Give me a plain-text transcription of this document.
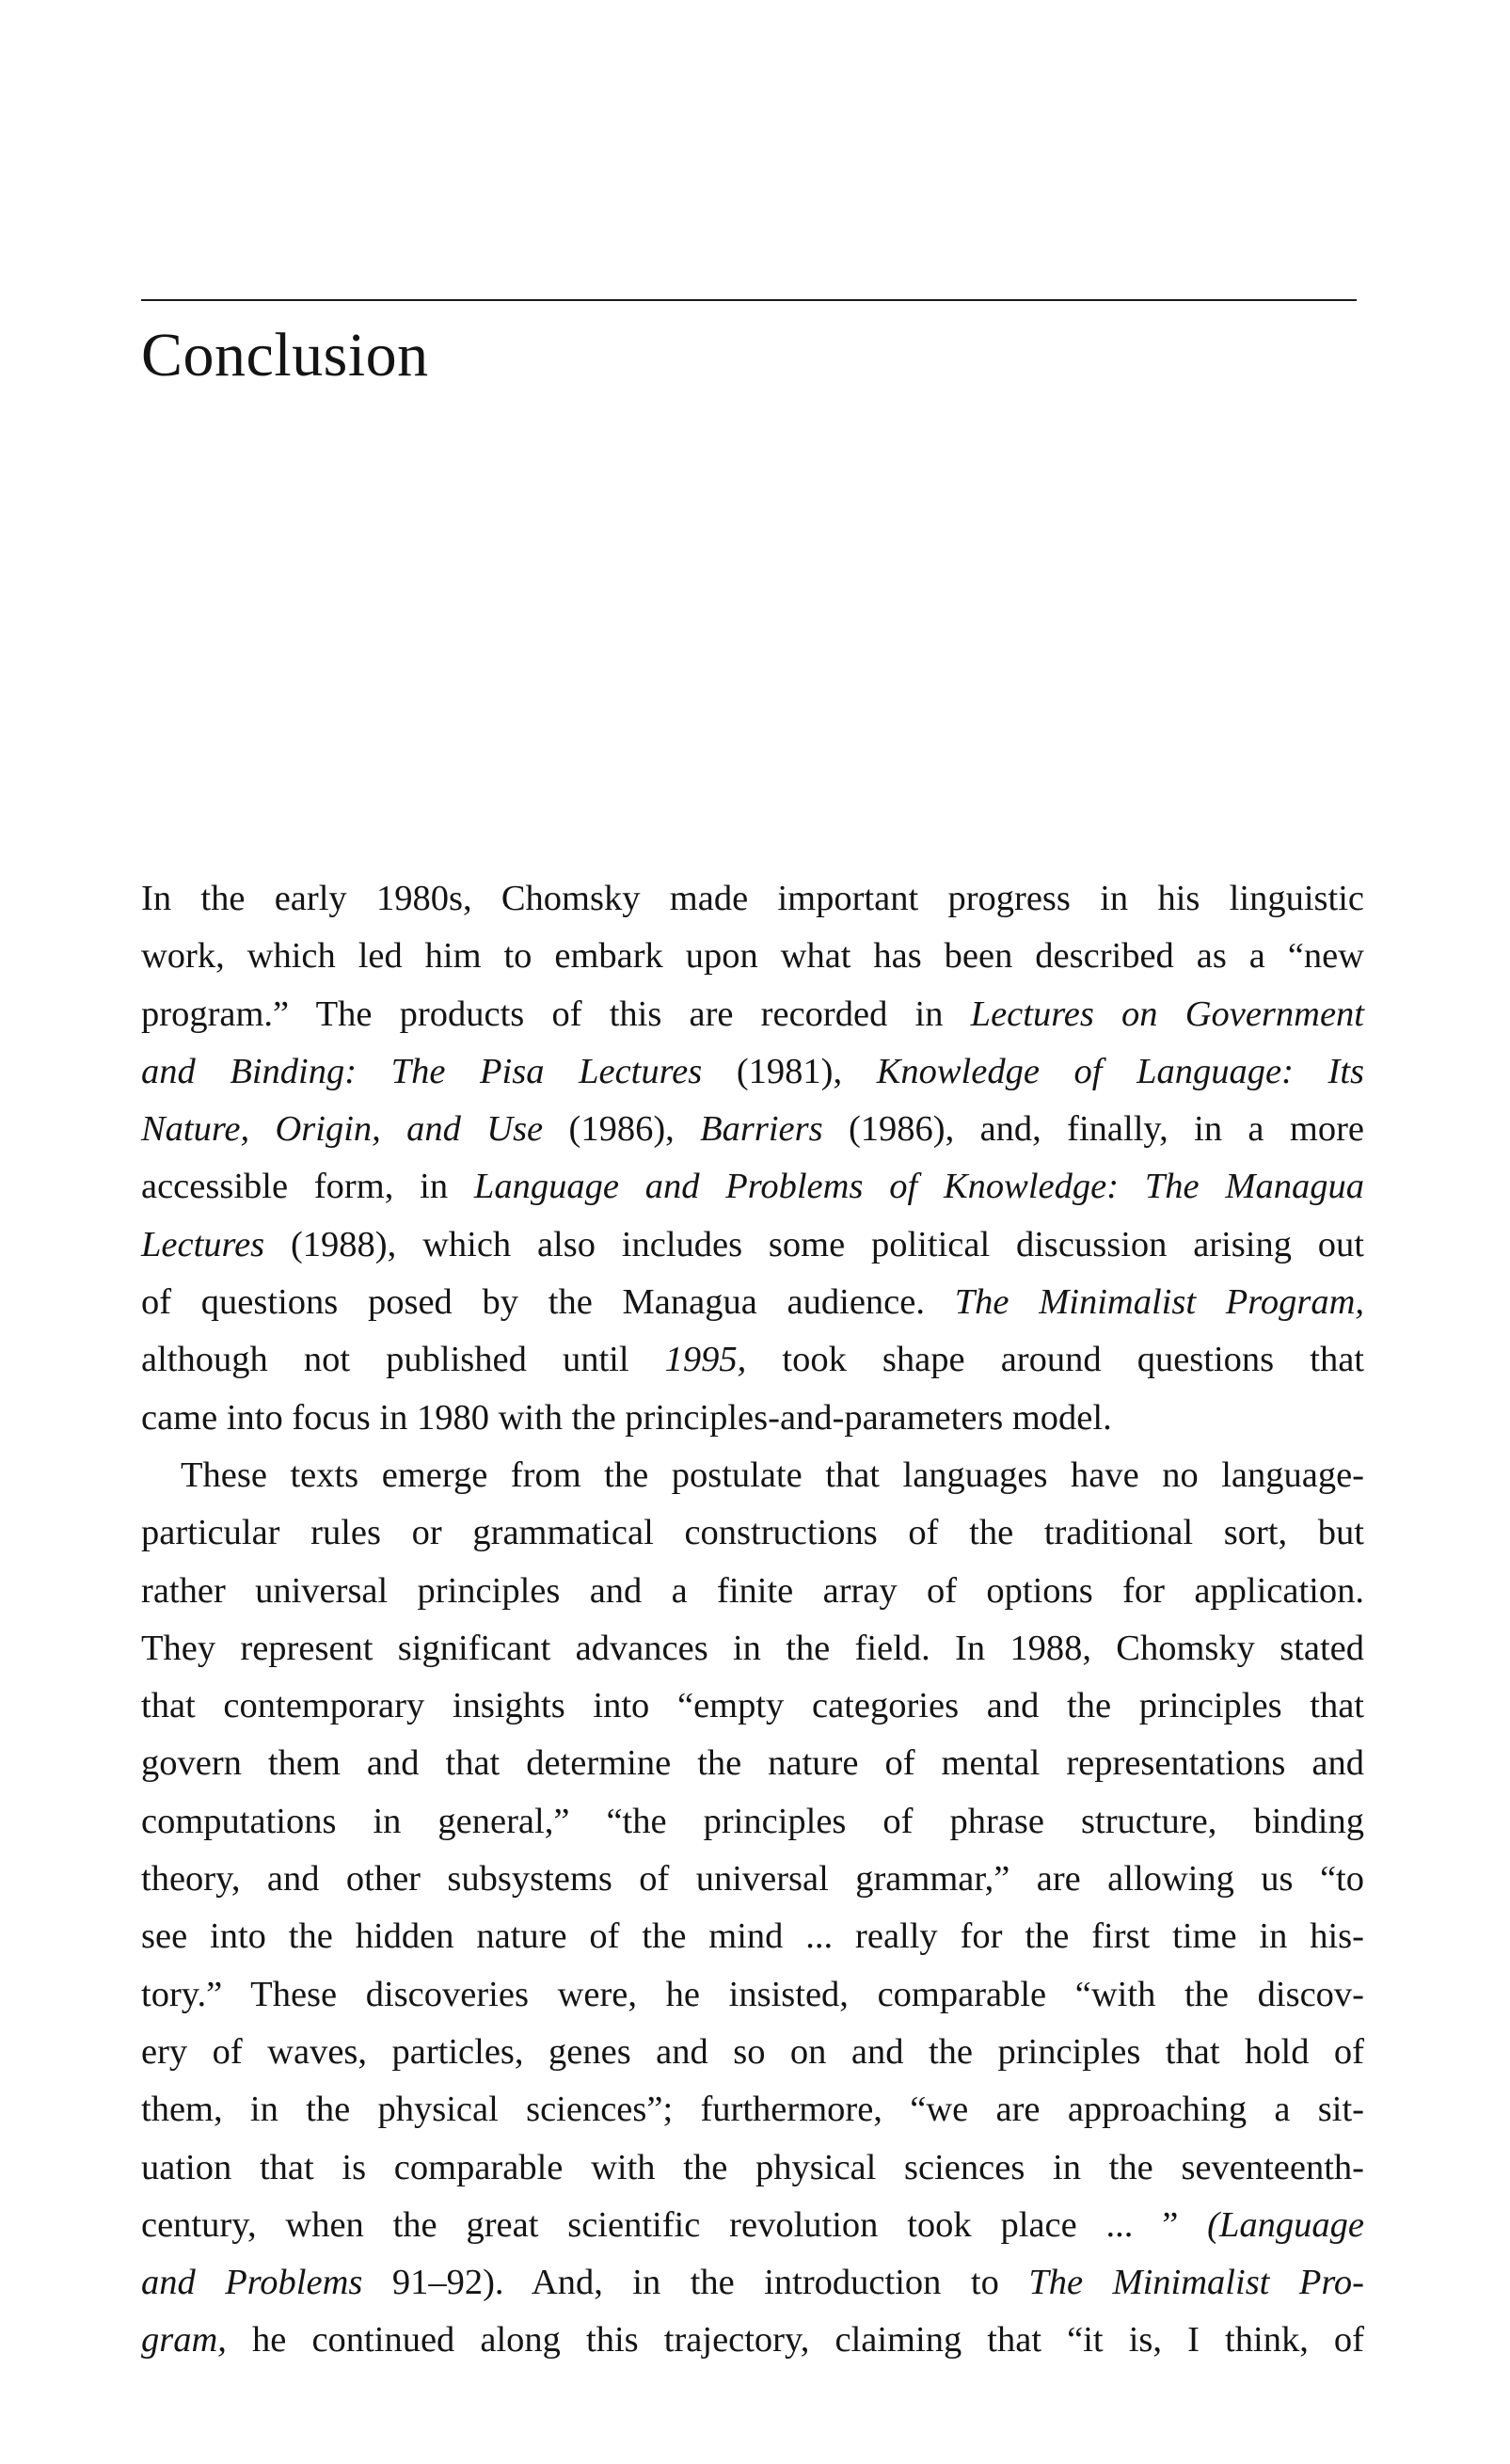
Conclusion
In the early 1980s, Chomsky made important progress in his linguistic
work, which led him to embark upon what has been described as a “new
program.” The products of this are recorded in Lectures on Government
and Binding: The Pisa Lectures (1981), Knowledge of Language: Its
Nature, Origin, and Use (1986), Barriers (1986), and, finally, in a more
accessible form, in Language and Problems of Knowledge: The Managua
Lectures (1988), which also includes some political discussion arising out
of questions posed by the Managua audience. The Minimalist Program,
although not published until 1995, took shape around questions that
came into focus in 1980 with the principles-and-parameters model.
These texts emerge from the postulate that languages have no language-
particular rules or grammatical constructions of the traditional sort, but
rather universal principles and a finite array of options for application.
They represent significant advances in the field. In 1988, Chomsky stated
that contemporary insights into “empty categories and the principles that
govern them and that determine the nature of mental representations and
computations in general,” “the principles of phrase structure, binding
theory, and other subsystems of universal grammar,” are allowing us “to
see into the hidden nature of the mind ... really for the first time in his-
tory.” These discoveries were, he insisted, comparable “with the discov-
ery of waves, particles, genes and so on and the principles that hold of
them, in the physical sciences”; furthermore, “we are approaching a sit-
uation that is comparable with the physical sciences in the seventeenth-
century, when the great scientific revolution took place ... ” (Language
and Problems 91–92). And, in the introduction to The Minimalist Pro-
gram, he continued along this trajectory, claiming that “it is, I think, of
